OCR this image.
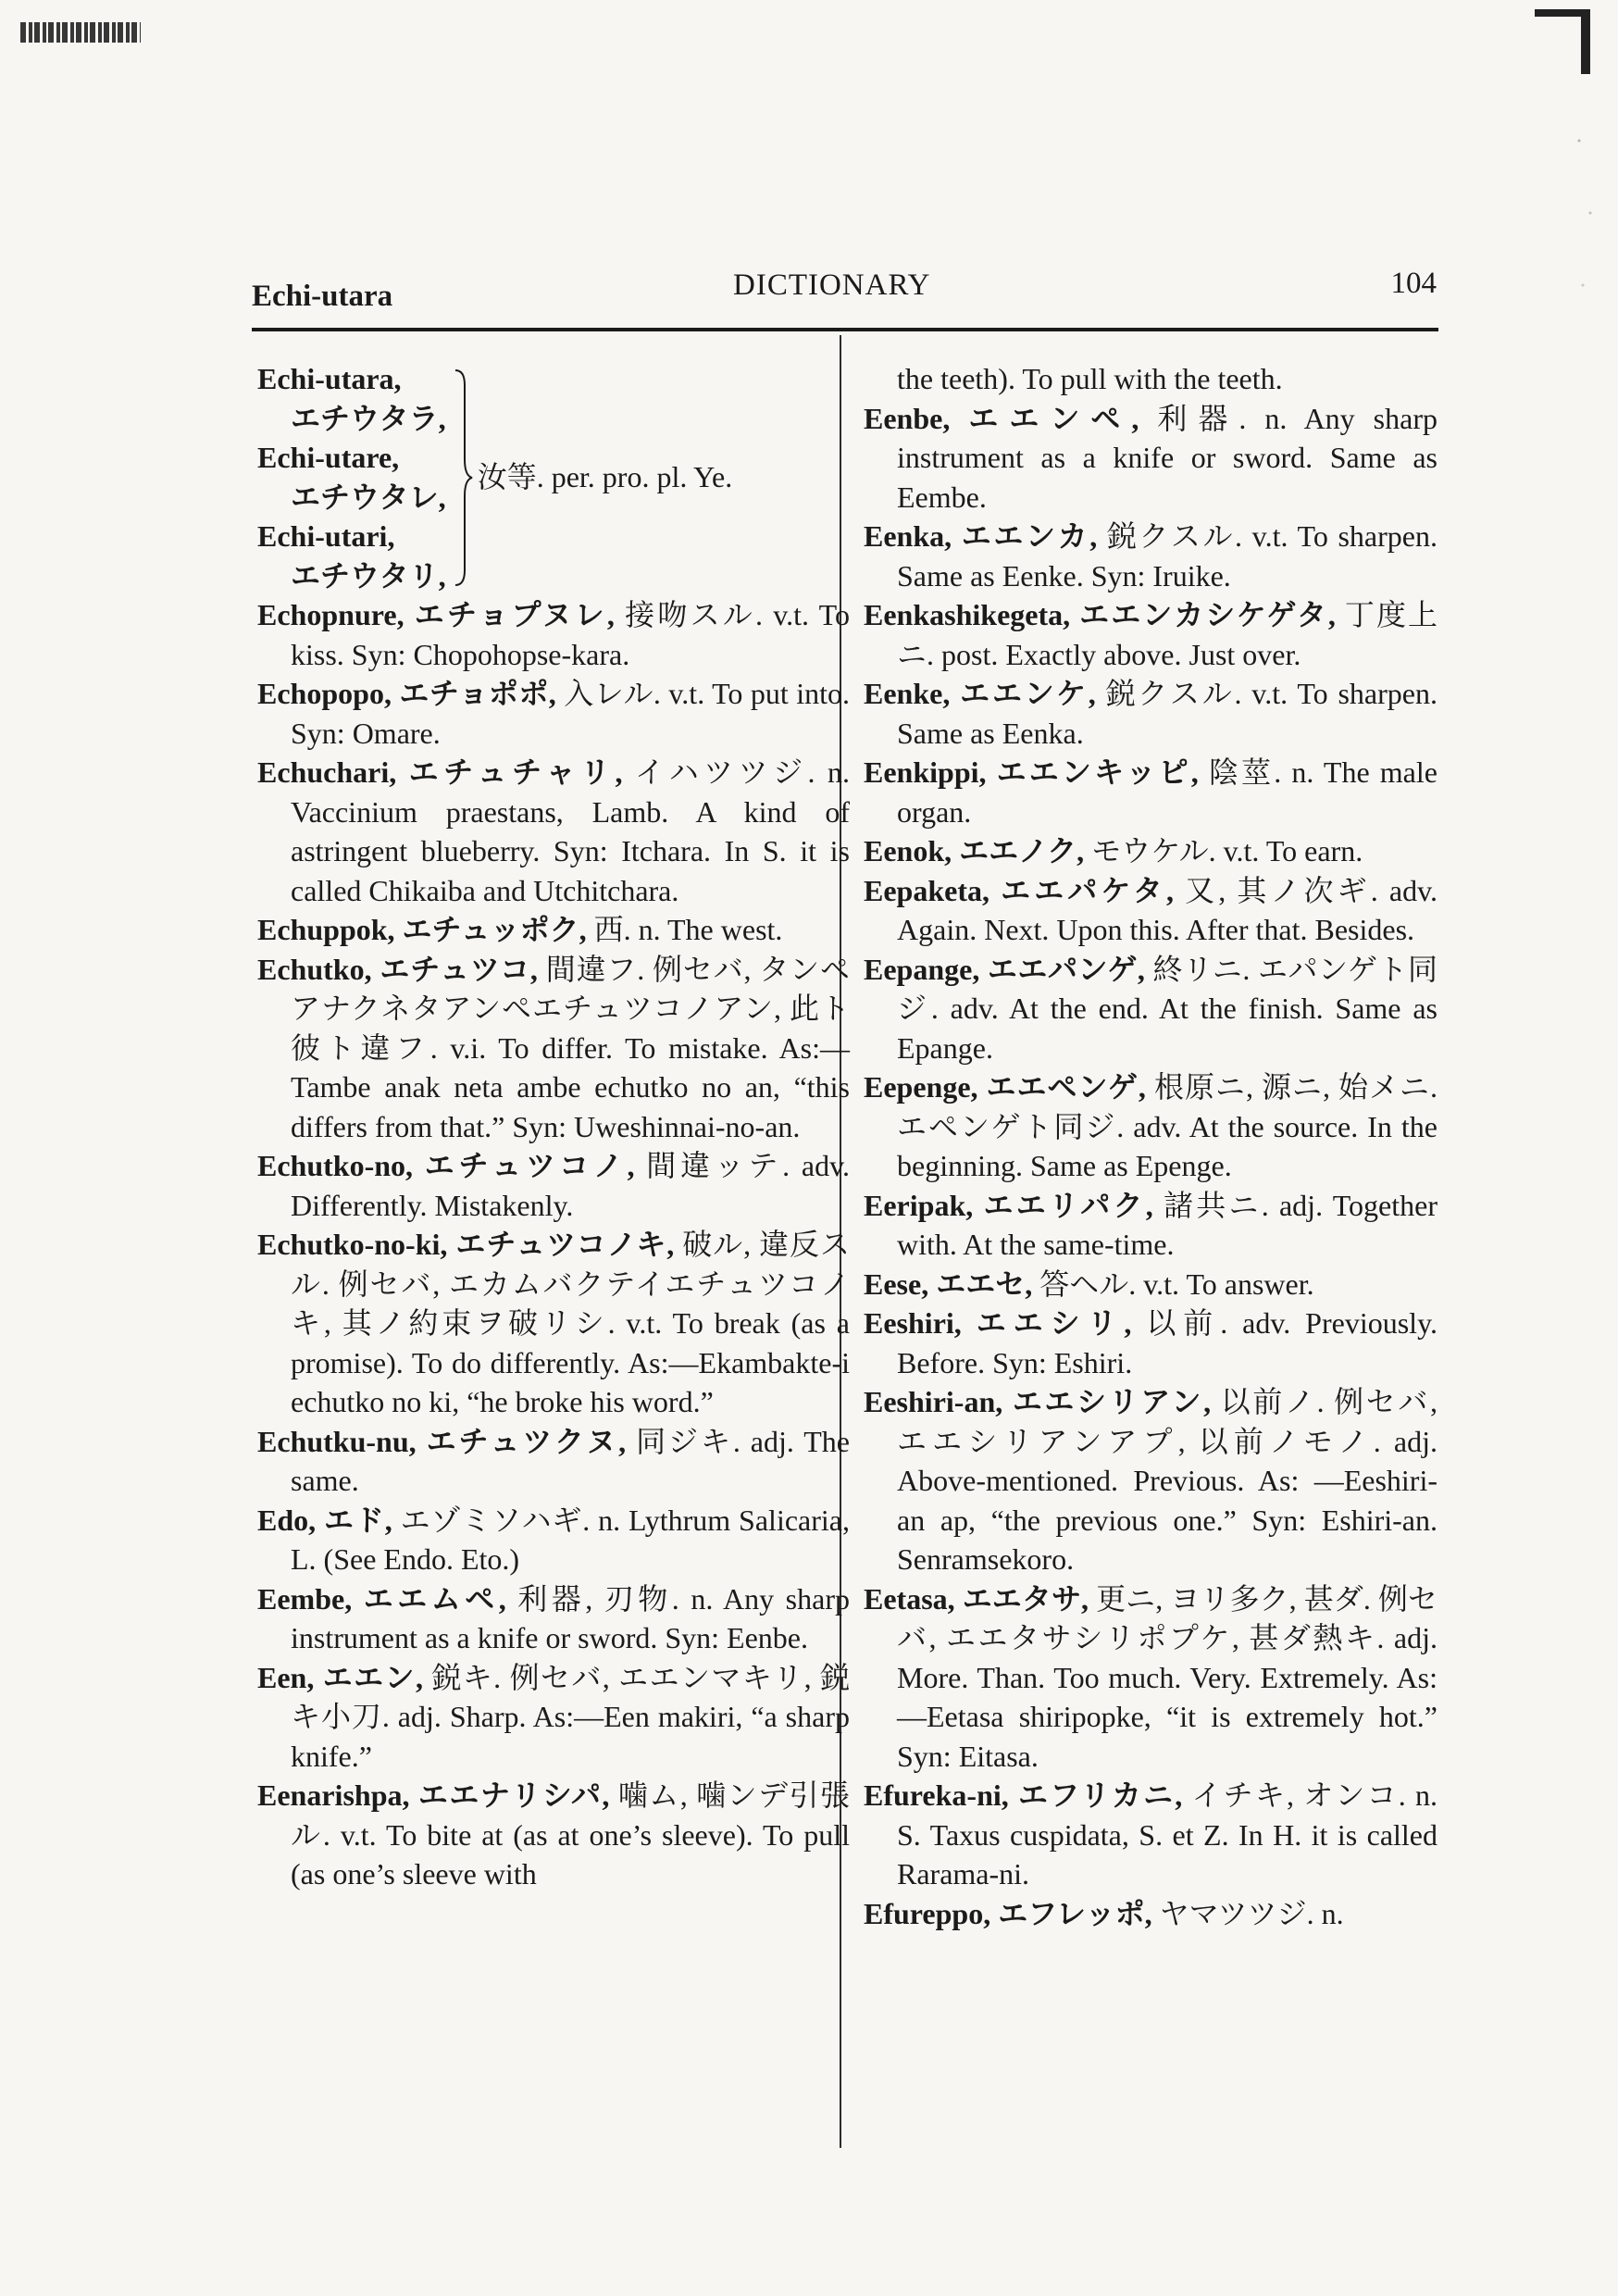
Echi-utara	DICTIONARY	104
Echi-utara,
エチウタラ,
Echi-utare,
エチウタレ,
Echi-utari,
エチウタリ,
汝等. per. pro. pl. Ye.
Echopnure, エチョプヌレ, 接吻スル. v.t. To kiss. Syn: Chopohopse-kara.
Echopopo, エチョポポ, 入レル. v.t. To put into. Syn: Omare.
Echuchari, エチュチャリ, イハツツジ. n. Vaccinium praestans, Lamb. A kind of astringent blueberry. Syn: Itchara. In S. it is called Chikaiba and Utchitchara.
Echuppok, エチュッポク, 西. n. The west.
Echutko, エチュツコ, 間違フ. 例セバ, タンペアナクネタアンペエチュツコノアン, 此ト彼ト違フ. v.i. To differ. To mistake. As:—Tambe anak neta ambe echutko no an, “this differs from that.” Syn: Uweshinnai-no-an.
Echutko-no, エチュツコノ, 間違ッテ. adv. Differently. Mistakenly.
Echutko-no-ki, エチュツコノキ, 破ル, 違反スル. 例セバ, エカムバクテイエチュツコノキ, 其ノ約束ヲ破リシ. v.t. To break (as a promise). To do differently. As:—Ekambakte-i echutko no ki, “he broke his word.”
Echutku-nu, エチュツクヌ, 同ジキ. adj. The same.
Edo, エド, エゾミソハギ. n. Lythrum Salicaria, L. (See Endo. Eto.)
Eembe, エエムペ, 利器, 刃物. n. Any sharp instrument as a knife or sword. Syn: Eenbe.
Een, エエン, 鋭キ. 例セバ, エエンマキリ, 鋭キ小刀. adj. Sharp. As:—Een makiri, “a sharp knife.”
Eenarishpa, エエナリシパ, 噛ム, 噛ンデ引張ル. v.t. To bite at (as at one’s sleeve). To pull (as one’s sleeve with
the teeth). To pull with the teeth.
Eenbe, エエンペ, 利器. n. Any sharp instrument as a knife or sword. Same as Eembe.
Eenka, エエンカ, 鋭クスル. v.t. To sharpen. Same as Eenke. Syn: Iruike.
Eenkashikegeta, エエンカシケゲタ, 丁度上ニ. post. Exactly above. Just over.
Eenke, エエンケ, 鋭クスル. v.t. To sharpen. Same as Eenka.
Eenkippi, エエンキッピ, 陰莖. n. The male organ.
Eenok, エエノク, モウケル. v.t. To earn.
Eepaketa, エエパケタ, 又, 其ノ次ギ. adv. Again. Next. Upon this. After that. Besides.
Eepange, エエパンゲ, 終リニ. エパンゲト同ジ. adv. At the end. At the finish. Same as Epange.
Eepenge, エエペンゲ, 根原ニ, 源ニ, 始メニ. エペンゲト同ジ. adv. At the source. In the beginning. Same as Epenge.
Eeripak, エエリパク, 諸共ニ. adj. Together with. At the same-time.
Eese, エエセ, 答ヘル. v.t. To answer.
Eeshiri, エエシリ, 以前. adv. Previously. Before. Syn: Eshiri.
Eeshiri-an, エエシリアン, 以前ノ. 例セバ, エエシリアンアプ, 以前ノモノ. adj. Above-mentioned. Previous. As: —Eeshiri-an ap, “the previous one.” Syn: Eshiri-an. Senramsekoro.
Eetasa, エエタサ, 更ニ, ヨリ多ク, 甚ダ. 例セバ, エエタサシリポプケ, 甚ダ熱キ. adj. More. Than. Too much. Very. Extremely. As:—Eetasa shiripopke, “it is extremely hot.” Syn: Eitasa.
Efureka-ni, エフリカニ, イチキ, オンコ. n. S. Taxus cuspidata, S. et Z. In H. it is called Rarama-ni.
Efureppo, エフレッポ, ヤマツツジ. n.
